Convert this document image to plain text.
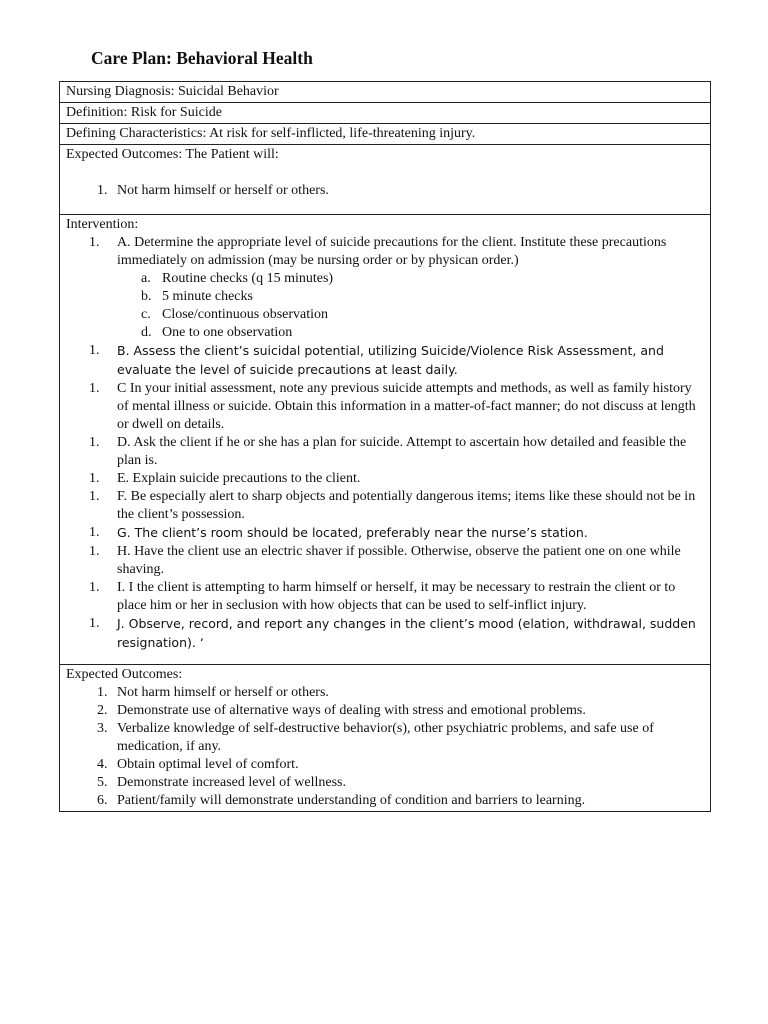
Care Plan: Behavioral Health
Nursing Diagnosis: Suicidal Behavior
Definition: Risk for Suicide
Defining Characteristics: At risk for self-inflicted, life-threatening injury.

Expected Outcomes: The Patient will:
1. Not harm himself or herself or others.

Intervention:
1. A. Determine the appropriate level of suicide precautions for the client. Institute these precautions immediately on admission (may be nursing order or by physican order.)
a. Routine checks (q 15 minutes)
b. 5 minute checks
c. Close/continuous observation
d. One to one observation
1. B. Assess the client’s suicidal potential, utilizing Suicide/Violence Risk Assessment, and evaluate the level of suicide precautions at least daily.
1. C In your initial assessment, note any previous suicide attempts and methods, as well as family history of mental illness or suicide. Obtain this information in a matter-of-fact manner; do not discuss at length or dwell on details.
1. D. Ask the client if he or she has a plan for suicide. Attempt to ascertain how detailed and feasible the plan is.
1. E. Explain suicide precautions to the client.
1. F. Be especially alert to sharp objects and potentially dangerous items; items like these should not be in the client’s possession.
1. G. The client’s room should be located, preferably near the nurse’s station.
1. H. Have the client use an electric shaver if possible. Otherwise, observe the patient one on one while shaving.
1. I. I the client is attempting to harm himself or herself, it may be necessary to restrain the client or to place him or her in seclusion with how objects that can be used to self-inflict injury.
1. J. Observe, record, and report any changes in the client’s mood (elation, withdrawal, sudden resignation). ‘

Expected Outcomes:
1. Not harm himself or herself or others.
2. Demonstrate use of alternative ways of dealing with stress and emotional problems.
3. Verbalize knowledge of self-destructive behavior(s), other psychiatric problems, and safe use of medication, if any.
4. Obtain optimal level of comfort.
5. Demonstrate increased level of wellness.
6. Patient/family will demonstrate understanding of condition and barriers to learning.
